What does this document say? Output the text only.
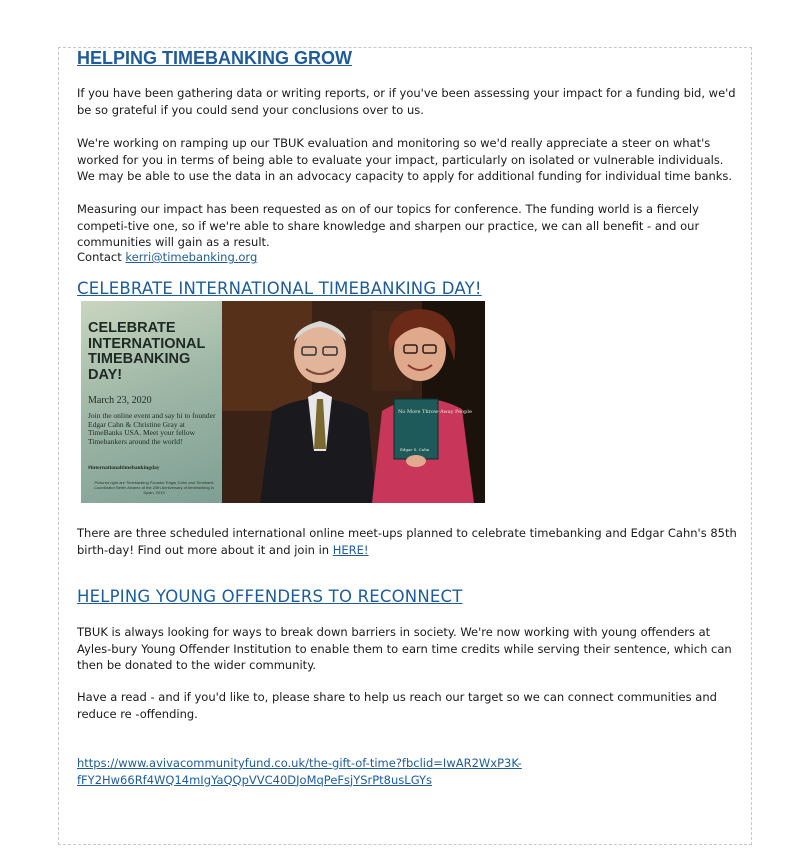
HELPING TIMEBANKING GROW

If you have been gathering data or writing reports, or if you've been assessing your impact for a funding bid, we'd be so grateful if you could send your conclusions over to us.

We're working on ramping up our TBUK evaluation and monitoring so we'd really appreciate a steer on what's worked for you in terms of being able to evaluate your impact, particularly on isolated or vulnerable individuals. We may be able to use the data in an advocacy capacity to apply for additional funding for individual time banks.

Measuring our impact has been requested as on of our topics for conference. The funding world is a fiercely competi-tive one, so if we're able to share knowledge and sharpen our practice, we can all benefit - and our communities will gain as a result.

Contact kerri@timebanking.org

CELEBRATE INTERNATIONAL TIMEBANKING DAY!
CELEBRATE INTERNATIONAL TIMEBANKING DAY!
March 23, 2020
Join the online event and say hi to founder Edgar Cahn & Christine Gray at TimeBanks USA. Meet your fellow Timebankers around the world!
#internationaltimebankingday
Pictured right are Timebanking Founder Edgar Cahn and Timebank Coordinator Belén Alvarez at the 20th Anniversary of timebanking in Spain, 2019
No More Throw-Away People
Edgar S. Cahn

There are three scheduled international online meet-ups planned to celebrate timebanking and Edgar Cahn's 85th birth-day! Find out more about it and join in HERE!

HELPING YOUNG OFFENDERS TO RECONNECT

TBUK is always looking for ways to break down barriers in society. We're now working with young offenders at Ayles-bury Young Offender Institution to enable them to earn time credits while serving their sentence, which can then be donated to the wider community.

Have a read - and if you'd like to, please share to help us reach our target so we can connect communities and reduce re -offending.

https://www.avivacommunityfund.co.uk/the-gift-of-time?fbclid=IwAR2WxP3K-
fFY2Hw66Rf4WQ14mIgYaQQpVVC40DJoMqPeFsjYSrPt8usLGYs
